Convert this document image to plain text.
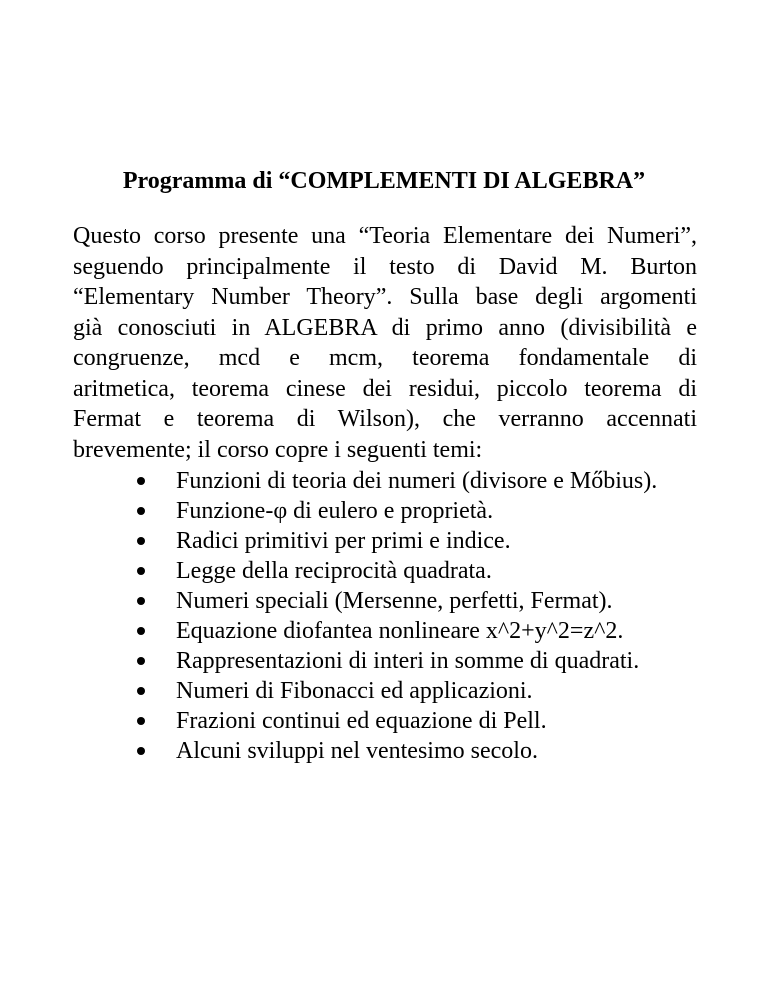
Programma di “COMPLEMENTI DI ALGEBRA”
Questo corso presente una “Teoria Elementare dei Numeri”,
seguendo principalmente il testo di David M. Burton
“Elementary Number Theory”. Sulla base degli argomenti
già conosciuti in ALGEBRA di primo anno (divisibilità e
congruenze, mcd e mcm, teorema fondamentale di
aritmetica, teorema cinese dei residui, piccolo teorema di
Fermat e teorema di Wilson), che verranno accennati
brevemente; il corso copre i seguenti temi:
Funzioni di teoria dei numeri (divisore e Mőbius).
Funzione-φ di eulero e proprietà.
Radici primitivi per primi e indice.
Legge della reciprocità quadrata.
Numeri speciali (Mersenne, perfetti, Fermat).
Equazione diofantea nonlineare x^2+y^2=z^2.
Rappresentazioni di interi in somme di quadrati.
Numeri di Fibonacci ed applicazioni.
Frazioni continui ed equazione di Pell.
Alcuni sviluppi nel ventesimo secolo.
